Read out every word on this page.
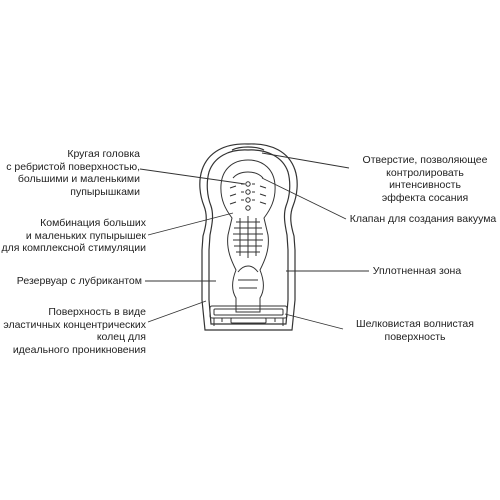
Кругая головка
с ребристой поверхностью,
большими и маленькими
пупырышками
Комбинация больших
и маленьких пупырышек
для комплексной стимуляции
Резервуар с лубрикантом
Поверхность в виде
эластичных концентрических
колец для
идеального проникновения
Отверстие, позволяющее
контролировать интенсивность
эффекта сосания
Клапан для создания вакуума
Уплотненная зона
Шелковистая волнистая
поверхность
